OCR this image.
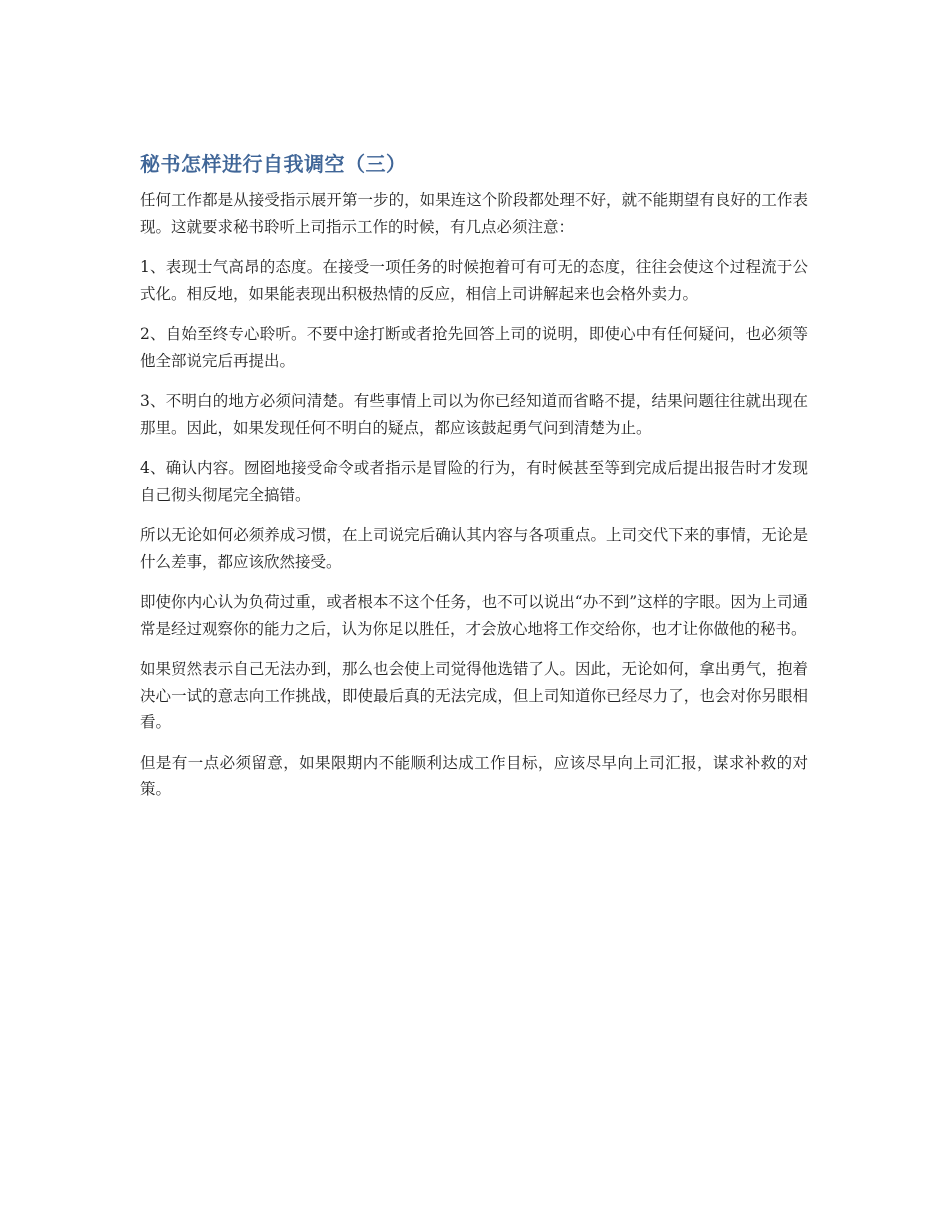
秘书怎样进行自我调空（三）

任何工作都是从接受指示展开第一步的，如果连这个阶段都处理不好，就不能期望有良好的工作表现。这就要求秘书聆听上司指示工作的时候，有几点必须注意：

1、表现士气高昂的态度。在接受一项任务的时候抱着可有可无的态度，往往会使这个过程流于公式化。相反地，如果能表现出积极热情的反应，相信上司讲解起来也会格外卖力。

2、自始至终专心聆听。不要中途打断或者抢先回答上司的说明，即使心中有任何疑问，也必须等他全部说完后再提出。

3、不明白的地方必须问清楚。有些事情上司以为你已经知道而省略不提，结果问题往往就出现在那里。因此，如果发现任何不明白的疑点，都应该鼓起勇气问到清楚为止。

4、确认内容。囫囵地接受命令或者指示是冒险的行为，有时候甚至等到完成后提出报告时才发现自己彻头彻尾完全搞错。

所以无论如何必须养成习惯，在上司说完后确认其内容与各项重点。上司交代下来的事情，无论是什么差事，都应该欣然接受。

即使你内心认为负荷过重，或者根本不这个任务，也不可以说出“办不到”这样的字眼。因为上司通常是经过观察你的能力之后，认为你足以胜任，才会放心地将工作交给你，也才让你做他的秘书。

如果贸然表示自己无法办到，那么也会使上司觉得他选错了人。因此，无论如何，拿出勇气，抱着决心一试的意志向工作挑战，即使最后真的无法完成，但上司知道你已经尽力了，也会对你另眼相看。

但是有一点必须留意，如果限期内不能顺利达成工作目标，应该尽早向上司汇报，谋求补救的对策。
